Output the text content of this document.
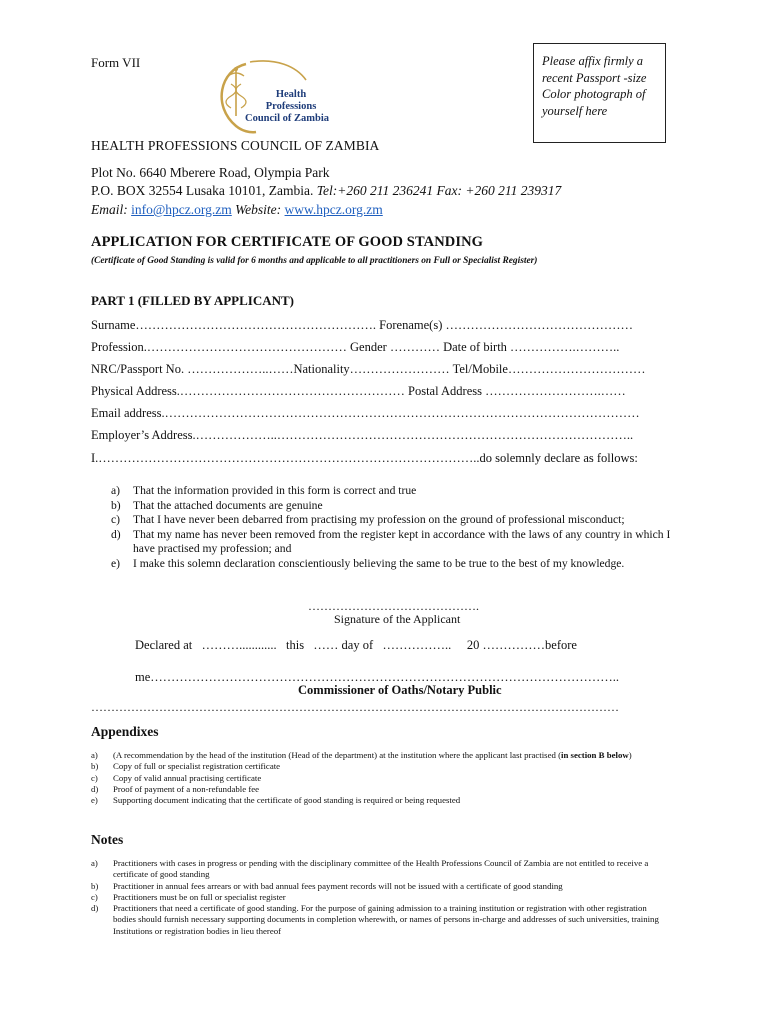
Form VII
Health
Professions
Council of Zambia
Please affix firmly a recent Passport -size Color photograph of yourself here
HEALTH PROFESSIONS COUNCIL OF ZAMBIA
Plot No. 6640 Mberere Road, Olympia Park
P.O. BOX 32554 Lusaka 10101, Zambia. Tel:+260 211 236241 Fax: +260 211 239317
Email: info@hpcz.org.zm Website: www.hpcz.org.zm
APPLICATION FOR CERTIFICATE OF GOOD STANDING
(Certificate of Good Standing is valid for 6 months and applicable to all practitioners on Full or Specialist Register)
PART 1 (FILLED BY APPLICANT)
Surname…………………………………………………. Forename(s) ………………………………………
Profession.………………………………………… Gender ………… Date of birth …………….………..
NRC/Passport No. ………………..……Nationality…………………… Tel/Mobile……………………………
Physical Address.……………………………………………… Postal Address ……………………….……
Email address.……………………………………………………………………………………………………
Employer’s Address.………………..…………………………………………………………………………..
I.………………………………………………………………………………..do solemnly declare as follows:
a)	That the information provided in this form is correct and true
b)	That the attached documents are genuine
c)	That I have never been debarred from practising my profession on the ground of professional misconduct;
d)	That my name has never been removed from the register kept in accordance with the laws of any country in which I have practised my profession; and
e)	I make this solemn declaration conscientiously believing the same to be true to the best of my knowledge.
…………………………………….
Signature of the Applicant
Declared at   ………............   this   …… day of   ……………..     20 ……………before
me…………………………………………………………………………………………………..
Commissioner of Oaths/Notary Public
……………………………………………………………………………………………………………………
Appendixes
a)	(A recommendation by the head of the institution (Head of the department) at the institution where the applicant last practised (in section B below)
b)	Copy of full or specialist registration certificate
c)	Copy of valid annual practising certificate
d)	Proof of payment of a non-refundable fee
e)	Supporting document indicating that the certificate of good standing is required or being requested
Notes
a)	Practitioners with cases in progress or pending with the disciplinary committee of the Health Professions Council of Zambia are not entitled to receive a certificate of good standing
b)	Practitioner in annual fees arrears or with bad annual fees payment records will not be issued with a certificate of good standing
c)	Practitioners must be on full or specialist register
d)	Practitioners that need a certificate of good standing. For the purpose of gaining admission to a training institution or registration with other registration bodies should furnish necessary supporting documents in completion wherewith, or names of persons in-charge and addresses of such universities, training Institutions or registration bodies in lieu thereof
